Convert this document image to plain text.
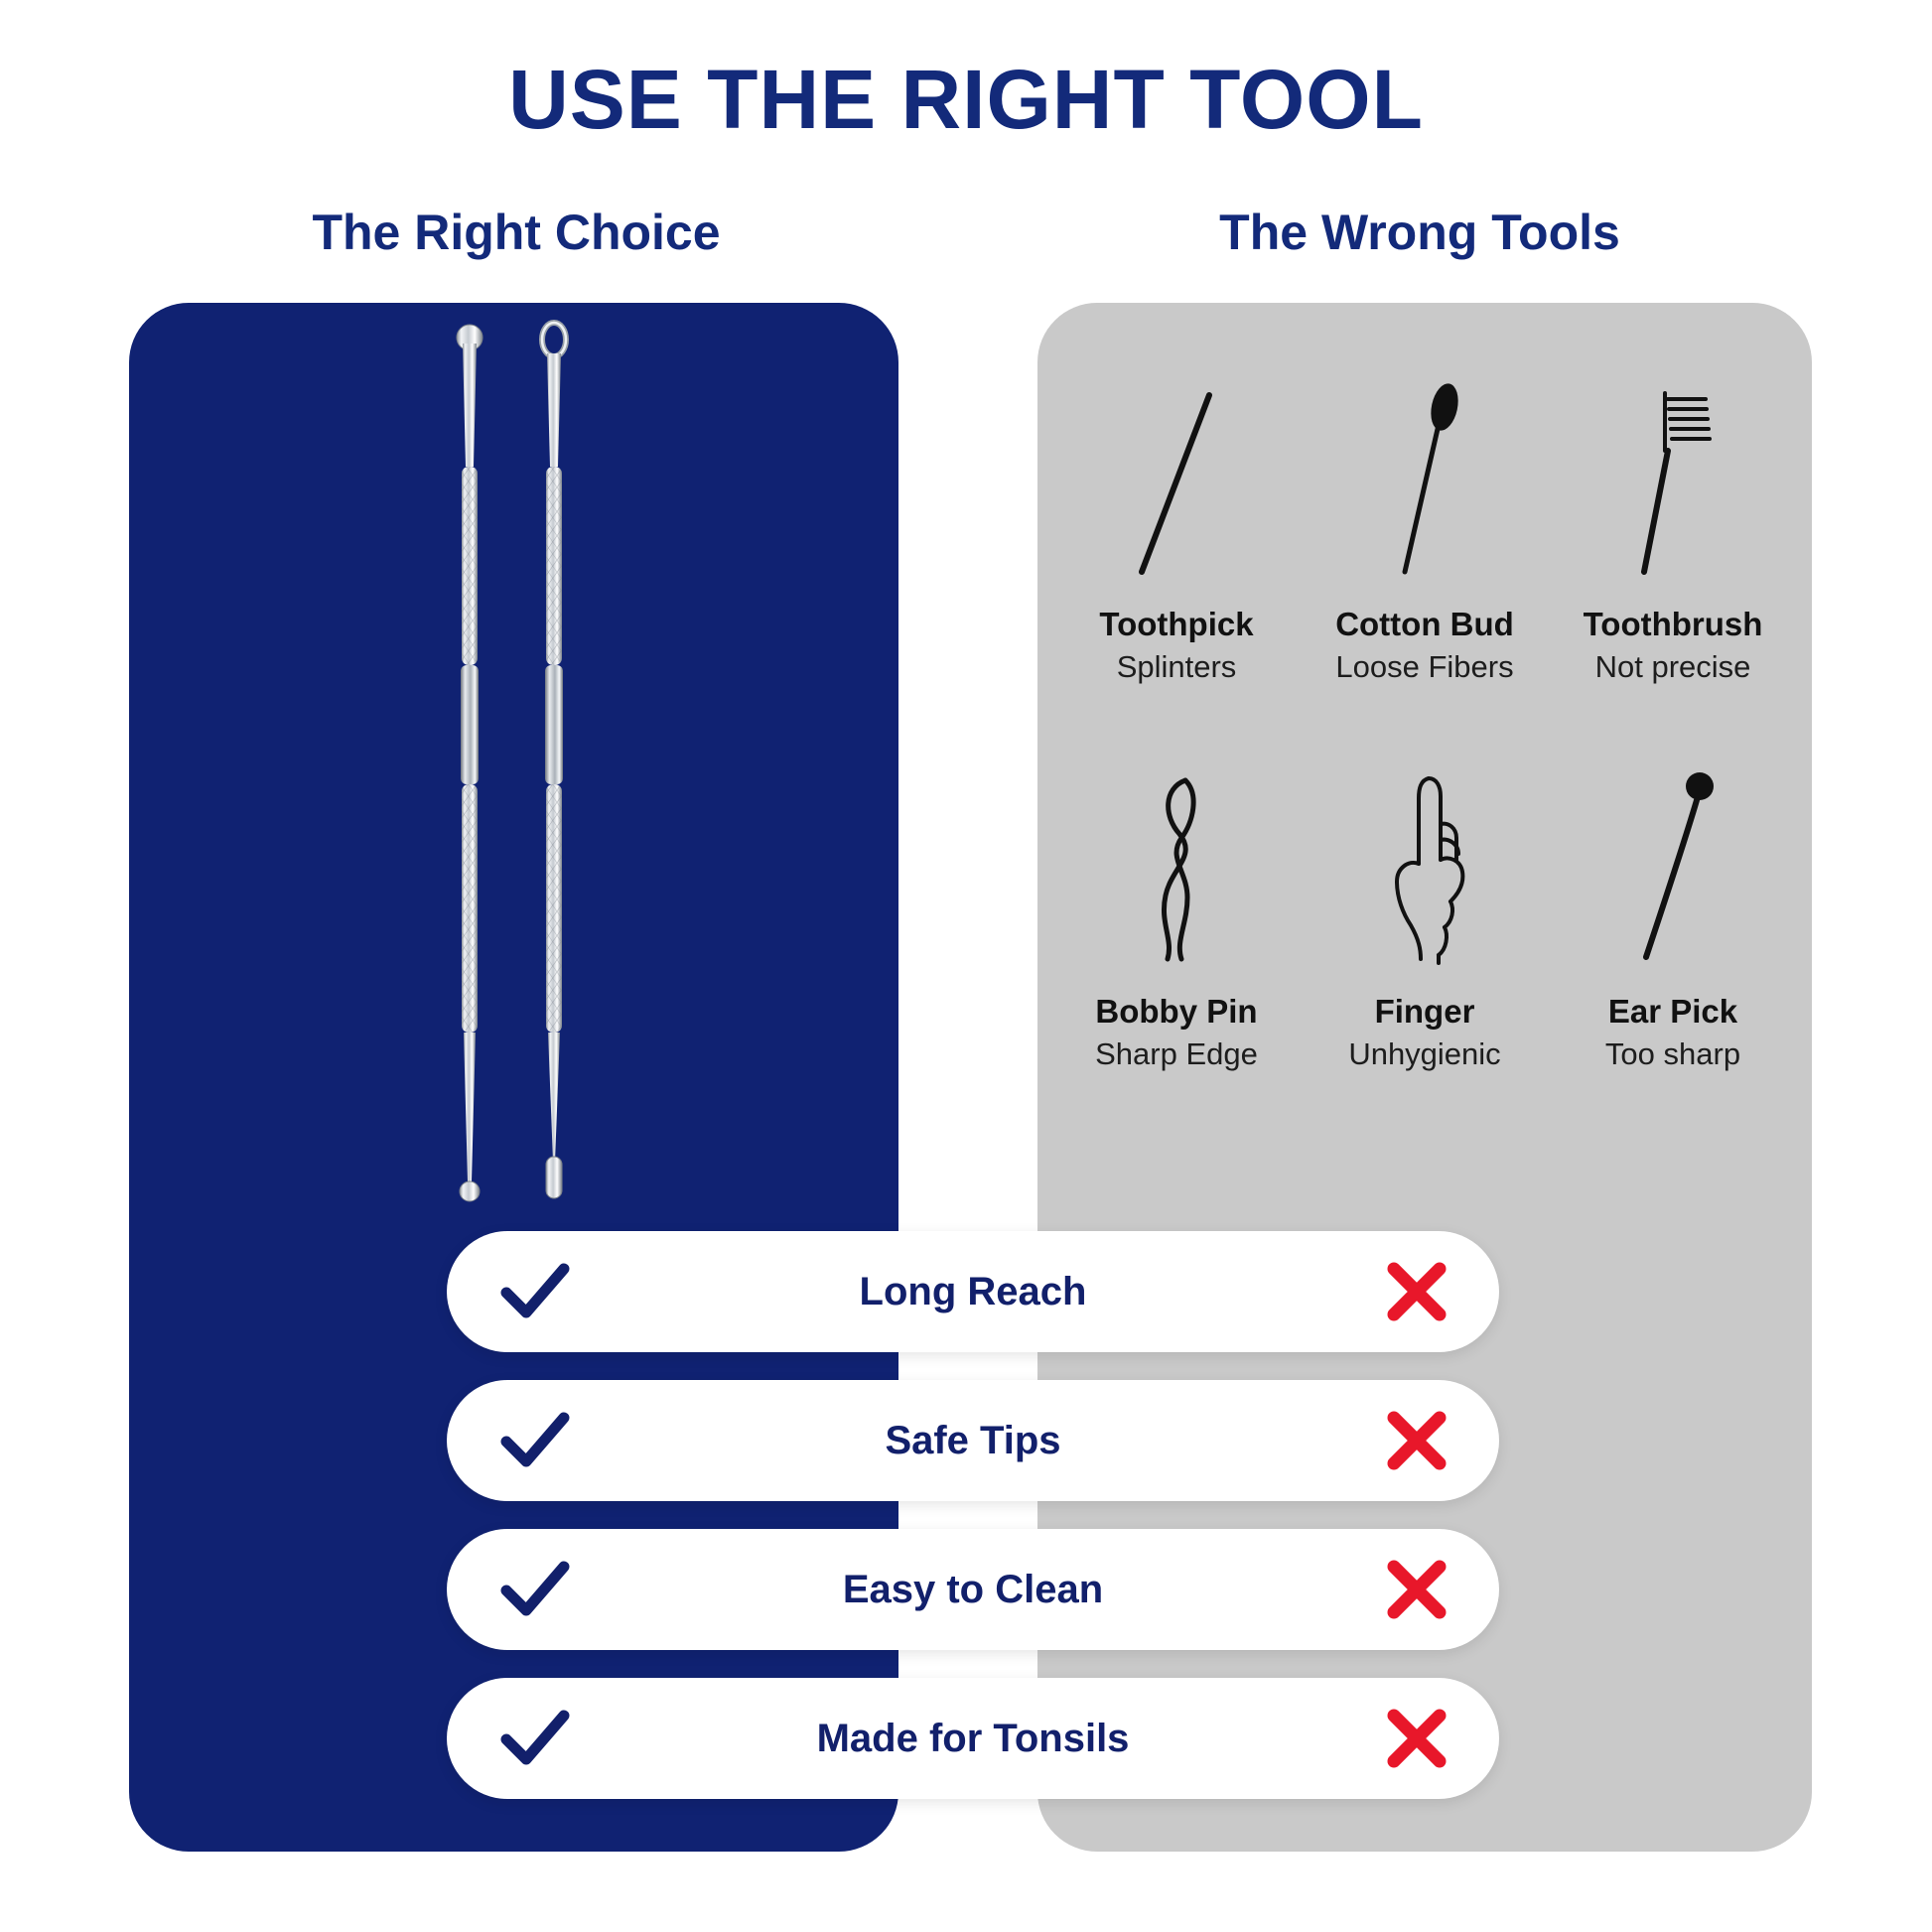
USE THE RIGHT TOOL
The Right Choice	The Wrong Tools
Toothpick
Splinters
Cotton Bud
Loose Fibers
Toothbrush
Not precise
Bobby Pin
Sharp Edge
Finger
Unhygienic
Ear Pick
Too sharp
Long Reach
Safe Tips
Easy to Clean
Made for Tonsils
